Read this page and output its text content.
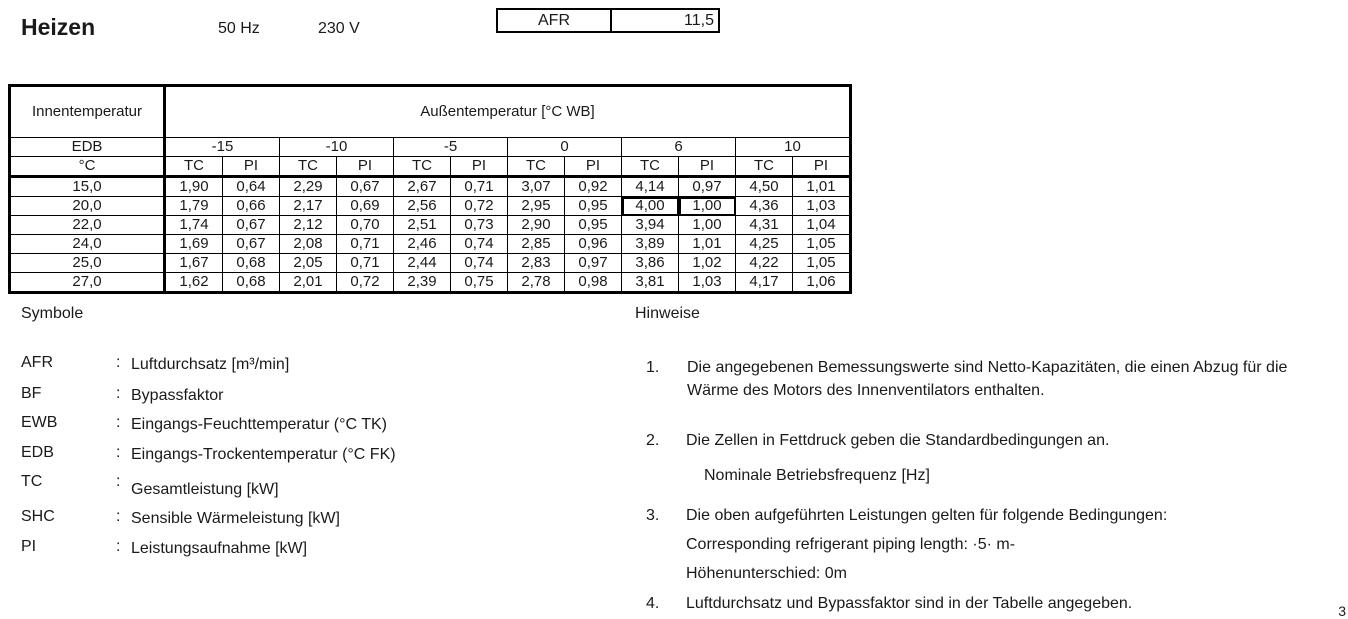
Heizen	50 Hz	230 V	AFR	11,5
Innentemperatur	Außentemperatur [°C WB]											
EDB	-15		-10		-5		0		6		10	
°C	TC	PI	TC	PI	TC	PI	TC	PI	TC	PI	TC	PI
15,0	1,90	0,64	2,29	0,67	2,67	0,71	3,07	0,92	4,14	0,97	4,50	1,01
20,0	1,79	0,66	2,17	0,69	2,56	0,72	2,95	0,95	4,00	1,00	4,36	1,03
22,0	1,74	0,67	2,12	0,70	2,51	0,73	2,90	0,95	3,94	1,00	4,31	1,04
24,0	1,69	0,67	2,08	0,71	2,46	0,74	2,85	0,96	3,89	1,01	4,25	1,05
25,0	1,67	0,68	2,05	0,71	2,44	0,74	2,83	0,97	3,86	1,02	4,22	1,05
27,0	1,62	0,68	2,01	0,72	2,39	0,75	2,78	0,98	3,81	1,03	4,17	1,06
Symbole
AFR	: Luftdurchsatz [m³/min]
BF	: Bypassfaktor
EWB	: Eingangs-Feuchttemperatur (°C TK)
EDB	: Eingangs-Trockentemperatur (°C FK)
TC	: Gesamtleistung [kW]
SHC	: Sensible Wärmeleistung [kW]
PI	: Leistungsaufnahme [kW]
Hinweise
1. Die angegebenen Bemessungswerte sind Netto-Kapazitäten, die einen Abzug für die
Wärme des Motors des Innenventilators enthalten.
2. Die Zellen in Fettdruck geben die Standardbedingungen an.
Nominale Betriebsfrequenz [Hz]
3. Die oben aufgeführten Leistungen gelten für folgende Bedingungen:
Corresponding refrigerant piping length: ·5· m-
Höhenunterschied: 0m
4. Luftdurchsatz und Bypassfaktor sind in der Tabelle angegeben.	3
